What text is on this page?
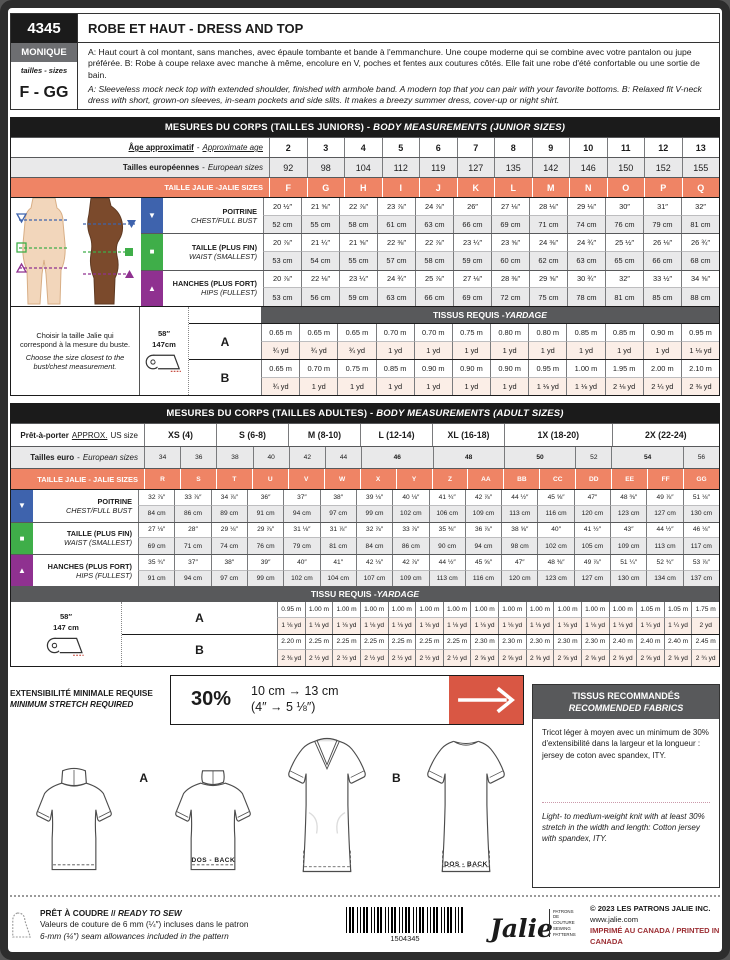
4345
MONIQUE
tailles - sizes
F - GG
ROBE ET HAUT - DRESS AND TOP
A: Haut court à col montant, sans manches, avec épaule tombante et bande à l'emmanchure. Une coupe moderne qui se combine avec votre pantalon ou jupe préférée. B: Robe à coupe relaxe avec manche à même, encolure en V, poches et fentes aux coutures côtés. Elle fait une robe d'été confortable ou une sortie de bain.
A: Sleeveless mock neck top with extended shoulder, finished with armhole band. A modern top that you can pair with your favorite bottoms. B: Relaxed fit V-neck dress with short, grown-on sleeves, in-seam pockets and side slits. It makes a breezy summer dress, cover-up or night shirt.
MESURES DU CORPS (TAILLES JUNIORS) - BODY MEASUREMENTS (JUNIOR SIZES)
Âge approximatif - Approximate age	2	3	4	5	6	7	8	9	10	11	12	13
Tailles européennes - European sizes	92	98	104	112	119	127	135	142	146	150	152	155
TAILLE JALIE -JALIE SIZES	F	G	H	I	J	K	L	M	N	O	P	Q
▼
POITRINE
CHEST/FULL BUST
20 ½″	21 ⅝″	22 ⅞″	23 ⅞″	24 ⅞″	26″	27 ⅛″	28 ⅛″	29 ⅛″	30″	31″	32″
52 cm	55 cm	58 cm	61 cm	63 cm	66 cm	69 cm	71 cm	74 cm	76 cm	79 cm	81 cm
■
TAILLE (PLUS FIN)
WAIST (SMALLEST)
20 ⅞″	21 ¼″	21 ⅝″	22 ⅜″	22 ⅞″	23 ¼″	23 ⅝″	24 ⅜″	24 ¾″	25 ½″	26 ⅛″	26 ¾″
53 cm	54 cm	55 cm	57 cm	58 cm	59 cm	60 cm	62 cm	63 cm	65 cm	66 cm	68 cm
▲
HANCHES (PLUS FORT)
HIPS (FULLEST)
20 ⅞″	22 ⅛″	23 ¼″	24 ¾″	25 ⅞″	27 ⅛″	28 ⅜″	29 ⅝″	30 ¾″	32″	33 ½″	34 ⅝″
53 cm	56 cm	59 cm	63 cm	66 cm	69 cm	72 cm	75 cm	78 cm	81 cm	85 cm	88 cm
Choisir la taille Jalie qui correspond à la mesure du buste.
Choose the size closest to the bust/chest measurement.
58″
147cm
TISSUS REQUIS - YARDAGE
A
0.65 m	0.65 m	0.65 m	0.70 m	0.70 m	0.75 m	0.80 m	0.80 m	0.85 m	0.85 m	0.90 m	0.95 m
¾ yd	¾ yd	¾ yd	1 yd	1 yd	1 yd	1 yd	1 yd	1 yd	1 yd	1 yd	1 ⅛ yd
B
0.65 m	0.70 m	0.75 m	0.85 m	0.90 m	0.90 m	0.90 m	0.95 m	1.00 m	1.95 m	2.00 m	2.10 m
¾ yd	1 yd	1 yd	1 yd	1 yd	1 yd	1 yd	1 ⅛ yd	1 ⅛ yd	2 ⅛ yd	2 ¼ yd	2 ⅜ yd
MESURES DU CORPS (TAILLES ADULTES) - BODY MEASUREMENTS (ADULT SIZES)
Prêt-à-porter APPROX. US size	XS (4)	S (6-8)	M (8-10)	L (12-14)	XL (16-18)	1X (18-20)	2X (22-24)
Tailles euro - European sizes	34	36	38	40	42	44	46	48	50	52	54	56
TAILLE JALIE - JALIE SIZES	R	S	T	U	V	W	X	Y	Z	AA	BB	CC	DD	EE	FF	GG
▼
POITRINE
CHEST/FULL BUST
32 ⅞″	33 ⅞″	34 ⅞″	36″	37″	38″	39 ⅛″	40 ⅛″	41 ¾″	42 ⅞″	44 ½″	45 ⅝″	47″	48 ⅜″	49 ⅞″	51 ⅛″
84 cm	86 cm	89 cm	91 cm	94 cm	97 cm	99 cm	102 cm	106 cm	109 cm	113 cm	116 cm	120 cm	123 cm	127 cm	130 cm
■
TAILLE (PLUS FIN)
WAIST (SMALLEST)
27 ⅛″	28″	29 ⅛″	29 ⅞″	31 ⅛″	31 ⅞″	32 ⅞″	33 ⅞″	35 ⅜″	36 ⅞″	38 ⅝″	40″	41 ½″	43″	44 ½″	46 ⅛″
69 cm	71 cm	74 cm	76 cm	79 cm	81 cm	84 cm	86 cm	90 cm	94 cm	98 cm	102 cm	105 cm	109 cm	113 cm	117 cm
▲
HANCHES (PLUS FORT)
HIPS (FULLEST)
35 ¾″	37″	38″	39″	40″	41″	42 ⅛″	42 ⅞″	44 ½″	45 ⅝″	47″	48 ⅜″	49 ⅞″	51 ¼″	52 ¾″	53 ⅞″
91 cm	94 cm	97 cm	99 cm	102 cm	104 cm	107 cm	109 cm	113 cm	116 cm	120 cm	123 cm	127 cm	130 cm	134 cm	137 cm
TISSU REQUIS - YARDAGE
58″
147 cm
A
0.95 m	1.00 m	1.00 m	1.00 m	1.00 m	1.00 m	1.00 m	1.00 m	1.00 m	1.00 m	1.00 m	1.00 m	1.00 m	1.05 m	1.05 m	1.75 m
1 ⅛ yd	1 ⅛ yd	1 ⅛ yd	1 ⅛ yd	1 ⅛ yd	1 ⅛ yd	1 ⅛ yd	1 ⅛ yd	1 ⅛ yd	1 ⅛ yd	1 ⅛ yd	1 ⅛ yd	1 ⅛ yd	1 ¼ yd	1 ¼ yd	2 yd
B
2.20 m	2.25 m	2.25 m	2.25 m	2.25 m	2.25 m	2.25 m	2.30 m	2.30 m	2.30 m	2.30 m	2.30 m	2.40 m	2.40 m	2.40 m	2.45 m
2 ⅜ yd	2 ½ yd	2 ½ yd	2 ½ yd	2 ½ yd	2 ½ yd	2 ½ yd	2 ⅝ yd	2 ⅝ yd	2 ⅝ yd	2 ⅝ yd	2 ⅝ yd	2 ⅝ yd	2 ⅝ yd	2 ⅝ yd	2 ¾ yd
EXTENSIBILITÉ MINIMALE REQUISE
MINIMUM STRETCH REQUIRED	30%	10 cm → 13 cm
(4″ → 5 ⅛″)
A
DOS - BACK
B
DOS - BACK
TISSUS RECOMMANDÉS
RECOMMENDED FABRICS
Tricot léger à moyen avec un minimum de 30% d'extensibilité dans la largeur et la longueur : jersey de coton avec spandex, ITY.
Light- to medium-weight knit with at least 30% stretch in the width and length: Cotton jersey with spandex, ITY.
PRÊT À COUDRE // READY TO SEW
Valeurs de couture de 6 mm (¼″) incluses dans le patron
6-mm (¼″) seam allowances included in the pattern	1504345	Jalie
PATRONS DE COUTURE
SEWING PATTERNS
© 2023 LES PATRONS JALIE INC.
www.jalie.com
IMPRIMÉ AU CANADA / PRINTED IN CANADA
